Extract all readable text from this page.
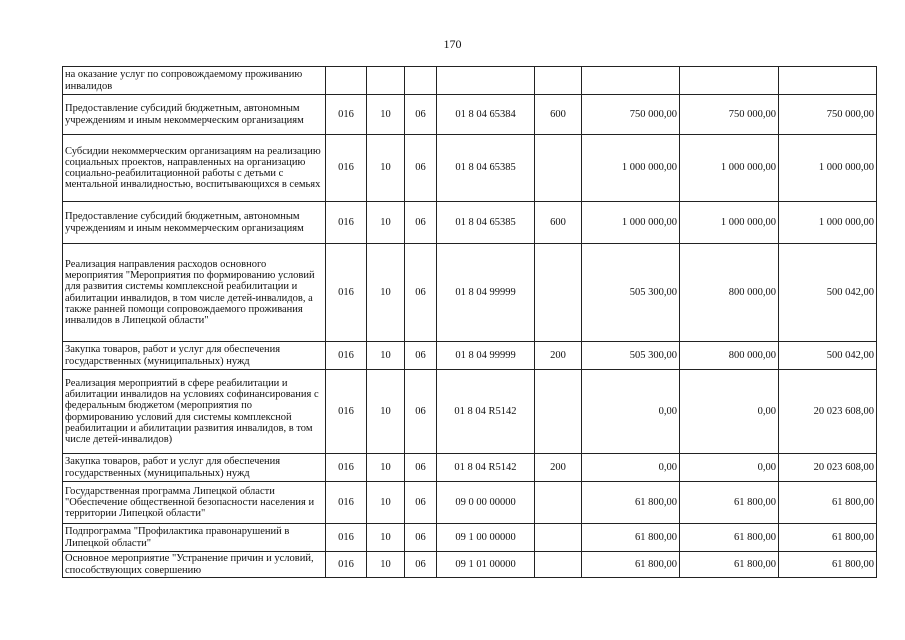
170
на оказание услуг по сопровождаемому проживанию инвалидов								
Предоставление субсидий бюджетным, автономным учреждениям и иным некоммерческим организациям	016	10	06	01 8 04 65384	600	750 000,00	750 000,00	750 000,00
Субсидии некоммерческим организациям на реализацию социальных проектов, направленных на организацию социально-реабилитационной работы с детьми с ментальной инвалидностью, воспитывающихся в семьях	016	10	06	01 8 04 65385		1 000 000,00	1 000 000,00	1 000 000,00
Предоставление субсидий бюджетным, автономным учреждениям и иным некоммерческим организациям	016	10	06	01 8 04 65385	600	1 000 000,00	1 000 000,00	1 000 000,00
Реализация направления расходов основного мероприятия "Мероприятия по формированию условий для развития системы комплексной реабилитации и абилитации инвалидов, в том числе детей-инвалидов, а также ранней помощи сопровождаемого проживания инвалидов в Липецкой области"	016	10	06	01 8 04 99999		505 300,00	800 000,00	500 042,00
Закупка товаров, работ и услуг для обеспечения государственных (муниципальных) нужд	016	10	06	01 8 04 99999	200	505 300,00	800 000,00	500 042,00
Реализация мероприятий в сфере реабилитации и абилитации инвалидов на условиях софинансирования с федеральным бюджетом (мероприятия по формированию условий для системы комплексной реабилитации и абилитации развития инвалидов, в том числе детей-инвалидов)	016	10	06	01 8 04 R5142		0,00	0,00	20 023 608,00
Закупка товаров, работ и услуг для обеспечения государственных (муниципальных) нужд	016	10	06	01 8 04 R5142	200	0,00	0,00	20 023 608,00
Государственная программа Липецкой области "Обеспечение общественной безопасности населения и территории Липецкой области"	016	10	06	09 0 00 00000		61 800,00	61 800,00	61 800,00
Подпрограмма "Профилактика правонарушений в Липецкой области"	016	10	06	09 1 00 00000		61 800,00	61 800,00	61 800,00
Основное мероприятие "Устранение причин и условий, способствующих совершению	016	10	06	09 1 01 00000		61 800,00	61 800,00	61 800,00
